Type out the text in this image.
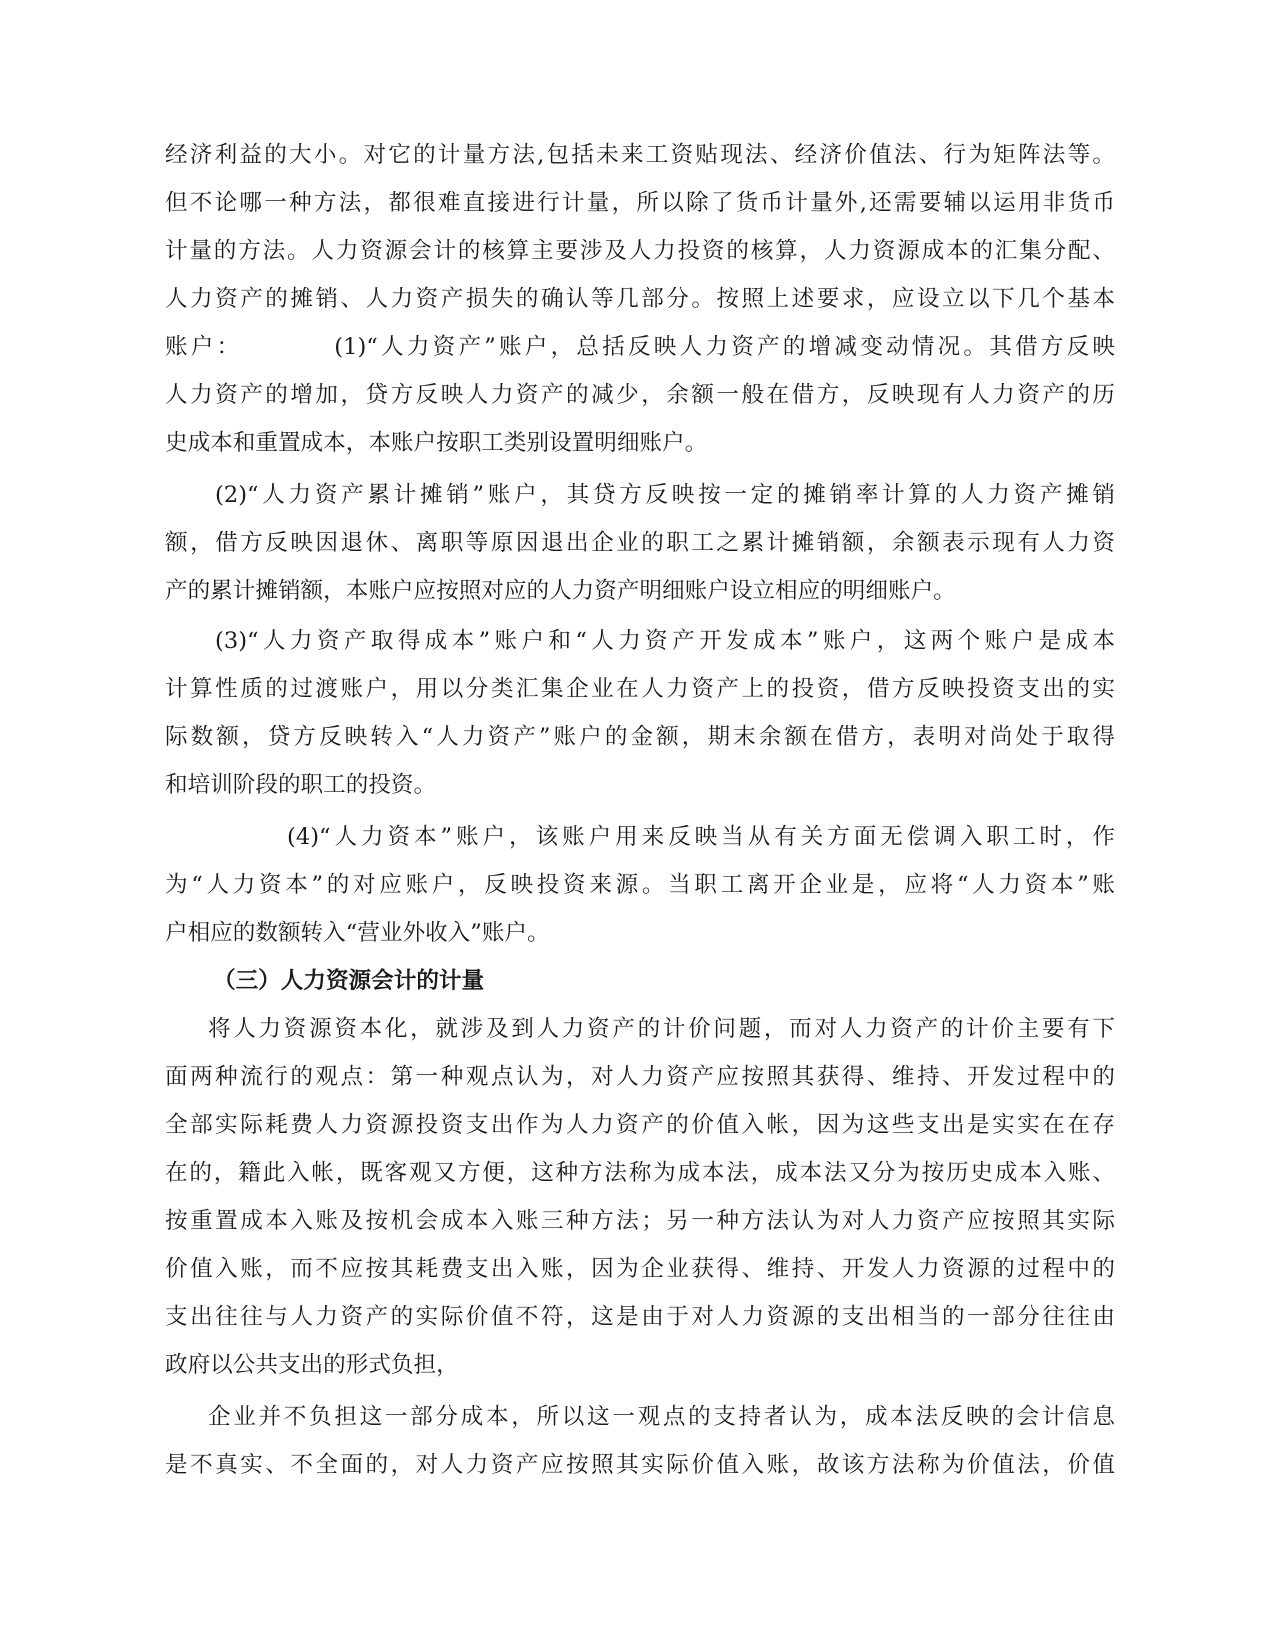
经济利益的大小。对它的计量方法,包括未来工资贴现法、经济价值法、行为矩阵法等。
但不论哪一种方法，都很难直接进行计量，所以除了货币计量外,还需要辅以运用非货币
计量的方法。人力资源会计的核算主要涉及人力投资的核算，人力资源成本的汇集分配、
人力资产的摊销、人力资产损失的确认等几部分。按照上述要求，应设立以下几个基本
账户：　　　　(1)“人力资产”账户，总括反映人力资产的增减变动情况。其借方反映
人力资产的增加，贷方反映人力资产的减少，余额一般在借方，反映现有人力资产的历
史成本和重置成本，本账户按职工类别设置明细账户。
(2)“人力资产累计摊销”账户，其贷方反映按一定的摊销率计算的人力资产摊销
额，借方反映因退休、离职等原因退出企业的职工之累计摊销额，余额表示现有人力资
产的累计摊销额，本账户应按照对应的人力资产明细账户设立相应的明细账户。
(3)“人力资产取得成本”账户和“人力资产开发成本”账户，这两个账户是成本
计算性质的过渡账户，用以分类汇集企业在人力资产上的投资，借方反映投资支出的实
际数额，贷方反映转入“人力资产”账户的金额，期末余额在借方，表明对尚处于取得
和培训阶段的职工的投资。
(4)“人力资本”账户，该账户用来反映当从有关方面无偿调入职工时，作
为“人力资本”的对应账户，反映投资来源。当职工离开企业是，应将“人力资本”账
户相应的数额转入“营业外收入”账户。
（三）人力资源会计的计量
将人力资源资本化，就涉及到人力资产的计价问题，而对人力资产的计价主要有下
面两种流行的观点：第一种观点认为，对人力资产应按照其获得、维持、开发过程中的
全部实际耗费人力资源投资支出作为人力资产的价值入帐，因为这些支出是实实在在存
在的，籍此入帐，既客观又方便，这种方法称为成本法，成本法又分为按历史成本入账、
按重置成本入账及按机会成本入账三种方法；另一种方法认为对人力资产应按照其实际
价值入账，而不应按其耗费支出入账，因为企业获得、维持、开发人力资源的过程中的
支出往往与人力资产的实际价值不符，这是由于对人力资源的支出相当的一部分往往由
政府以公共支出的形式负担，
企业并不负担这一部分成本，所以这一观点的支持者认为，成本法反映的会计信息
是不真实、不全面的，对人力资产应按照其实际价值入账，故该方法称为价值法，价值
